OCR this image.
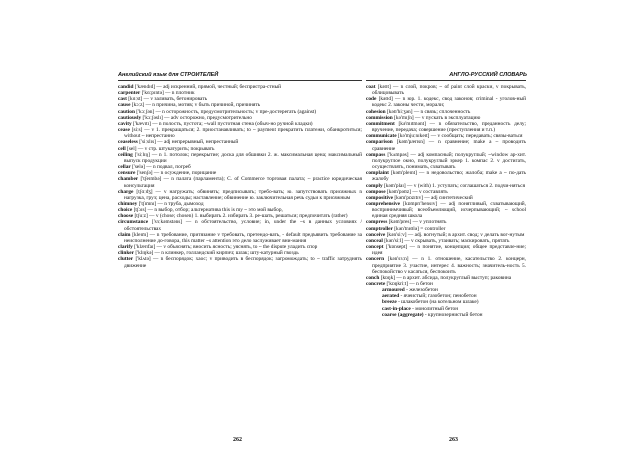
Английский язык для СТРОИТЕЛЕЙ	АНГЛО-РУССКИЙ СЛОВАРЬ

candid ['kændɪd] — adj искренний, прямой, честный; беспристра-стный

carpenter ['kɑːpɪntə] — n плотник

cast [kɑːst] — v заливать, бетонировать

cause [kɔːz] — n причина, мотив; v быть причиной, причинять

caution ['kɔːʃən] — n осторожность, предусмотрительность; v пре-достерегать (against)

cautiously ['kɔːʃəslɪ] — adv осторожно, предусмотрительно

cavity ['kævɪtɪ] — n полость, пустота; ~wall пустотная стена (обыч-но ручной кладки)

cease [siːs] — v 1. прекращаться; 2. приостанавливать; to ~ payment прекратить платежи, обанкротиться; without ~ непрестанно

ceaseless ['siːslɪs] — adj непрерывный, непрестанный

cell [sel] — v стр. штукатурить; покрывать

ceiling ['siːlɪŋ] — n 1. потолок; перекрытие; доска для обшивки 2. ж. максимальная цена; максимальный выпуск продукции

cellar ['selə] — n подвал, погреб

censure ['senʃə] — n осуждение, порицание

chamber ['tʃeɪmbə] — n палата (парламента); C. of Commerce торговая палата; ~ practice юридическая консультация

charge [tʃɑːdʒ] — v нагружать; обвинять; предписывать; требо-вать; ю. запутствовать присяжных n нагрузка, груз; цена, расходы; наставление; обвинение ю. заключительная речь судьи к присяжным

chimney ['tʃɪmnɪ] — n труба, дымоход

choice [tʃɔɪs] — n выбор, отбор; альтернатива this is my ~ это мой выбор,

choose [tʃuːz] — v (chose; chosen) 1. выбирать 2. избирать 3. ре-шать, решаться; предпочитать (rather)

circumstance ['sɜːkəmstəns] — n обстоятельство, условие; in, under the ~s в данных условиях / обстоятельствах

claim [kleɪm] — n требование, притязание v требовать, претендо-вать, - default предъявить требование за неисполнение до-говора, this matter ~s attention это дело заслуживает вни-мания

clarify ['klærɪfaɪ] — v объяснять; вносить ясность; уяснять, to ~ the dispute уладить спор

clinker ['klɪŋkə] — n клинкер, голландский кирпич; шлак; шту-катурный гвоздь

clutter ['klʌtə] — n беспорядок; хаос; v приводить в беспорядок; загромождать; to ~ traffic затруднять движение

coat [kəʊt] — n слой, покров; ~ of paint слой краски, v покрывать, облицовывать

code [kəʊd] — n юр. 1. кодекс, свод законов; criminal - уголов-ный кодекс 2. законы чести, морали;

cohesion [kəʊ'hiːʒən] — n связь; сплоченность

commission [kə'mɪʃn] — v пускать в эксплуатацию

commitment [kə'mɪtmənt] — n обязательство, преданность делу; вручение, передача; совершение (преступления и т.п.)

communicate [kə'mjuːnɪkeɪt] — v сообщать; передавать; связы-ваться

comparison [kəm'pærɪsn] — n сравнение; make a ~ проводить сравнение

compass ['kʌmpəs] — adj компасный; полукруглый; ~window ар-хит. полукруглое окно, полукруглый эркер 1. компас 2. v достигать, осуществлять, понимать, схватывать

complaint [kəm'pleɪnt] — n недовольство; жалоба; make a ~ по-дать жалобу

comply [kəm'plaɪ] — v (with) 1. уступать; соглашаться 2. подчи-няться

compose [kəm'pəʊz] — v составлять

compositive [kəm'pɒzɪtɪv] — adj синтетический

comprehensive [kɒmprɪ'hensɪv] — adj понятливый, схватывающий, воспринимчивый; всеобъемлющий, исчерпывающий; ~ school единая средняя школа

compress [kəm'pres] — v уплотнять

comptroller [kən'trəʊlə] = controller

conceive [kən'siːv] — adj. вогнутый; в архит. свод; v делать вог-нутым

conceal [kən'siːl] — v скрывать, утаивать; маскировать, прятать

concept ['kɒnsept] — n понятие, концепция; общее представле-ние; идея

concern [kən'sɜːn] — n 1. отношение, касательство 2. концерн, предприятие 3. участие, интерес 4. важность; значитель-ность 5. беспокойство v касаться, беспокоить

conch [kɒŋk] — n архит. абсида, полукруглый выступ; раковина

concrete ['kɒŋkriːt] — n бетон

armoured - железобетон

aerated - ячеистый; газобетон; пенобетон

breeze - шлакобетон (на котельном шлаке)

cast-in-place - монолитный бетон

coarse (aggregate) - крупнозернистый бетон

262	263
